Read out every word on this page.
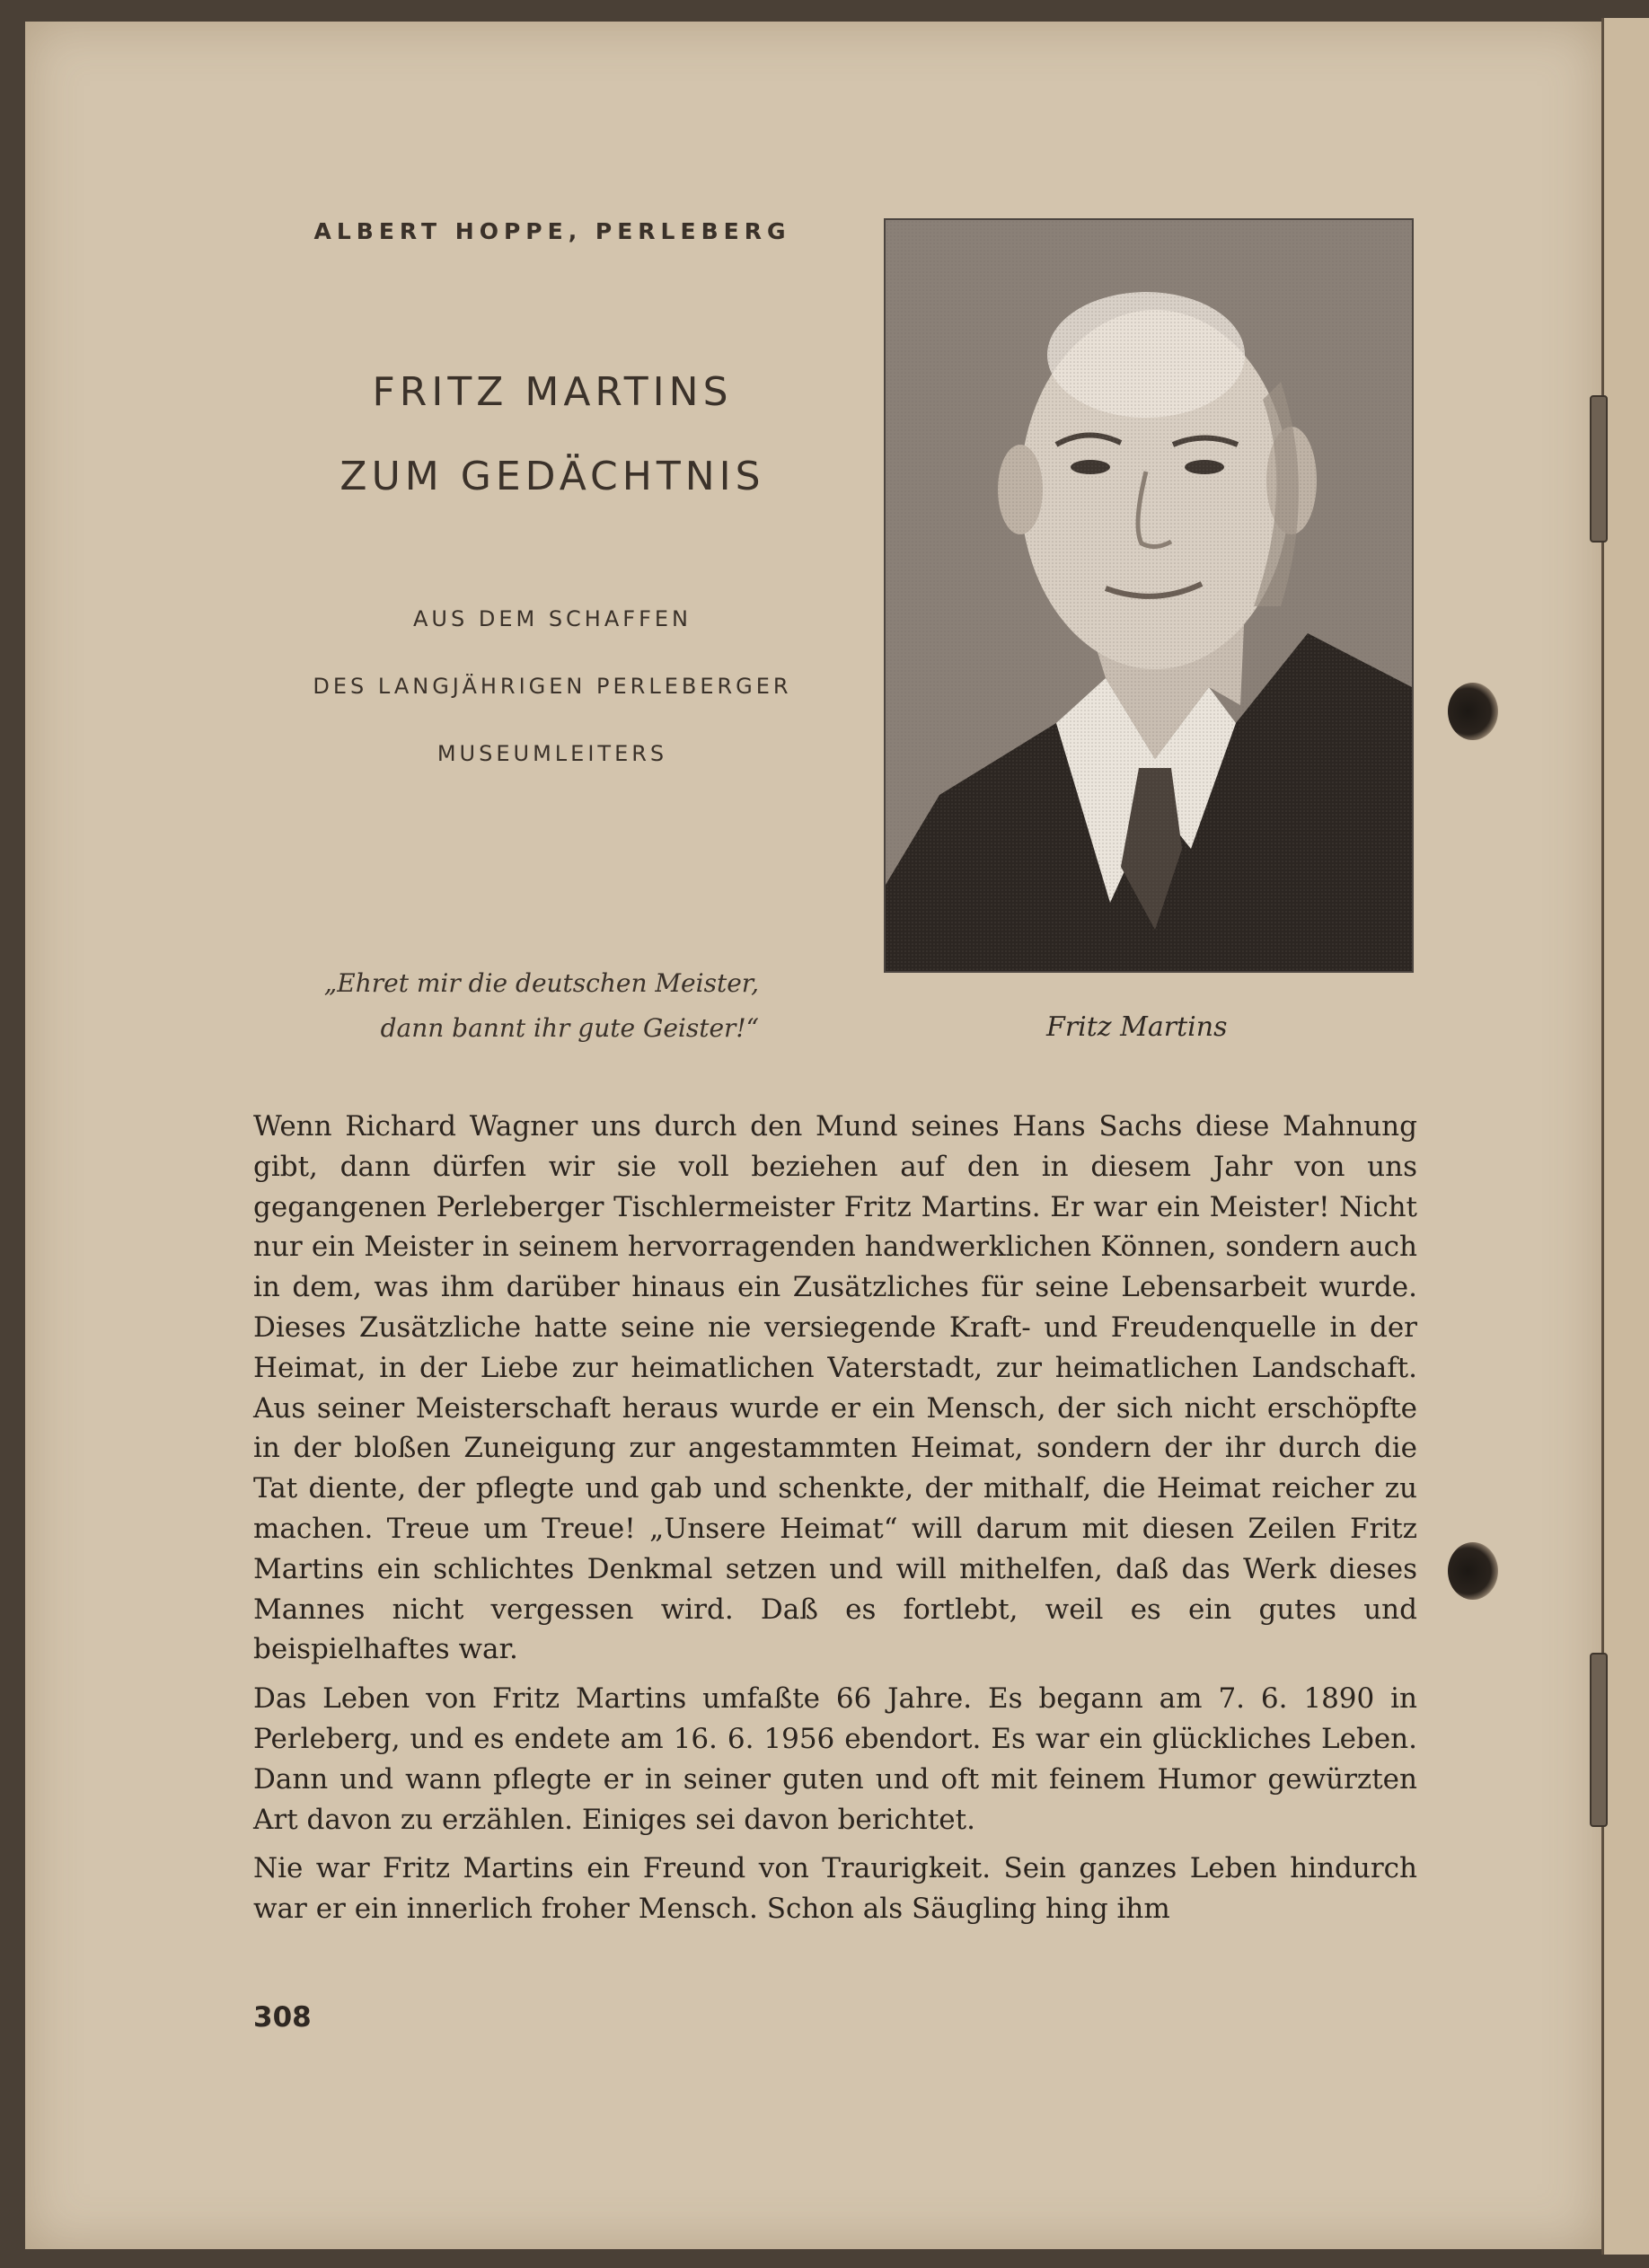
ALBERT HOPPE, PERLEBERG
FRITZ MARTINS
ZUM GEDÄCHTNIS
AUS DEM SCHAFFEN
DES LANGJÄHRIGEN PERLEBERGER
MUSEUMLEITERS
„Ehret mir die deutschen Meister,
dann bannt ihr gute Geister!“	Fritz Martins

Wenn Richard Wagner uns durch den Mund seines Hans Sachs diese Mahnung gibt, dann dürfen wir sie voll beziehen auf den in diesem Jahr von uns gegangenen Perleberger Tischlermeister Fritz Martins. Er war ein Meister! Nicht nur ein Meister in seinem hervorragenden handwerklichen Können, sondern auch in dem, was ihm darüber hinaus ein Zusätzliches für seine Lebensarbeit wurde. Dieses Zusätzliche hatte seine nie versiegende Kraft- und Freudenquelle in der Heimat, in der Liebe zur heimatlichen Vaterstadt, zur heimatlichen Landschaft. Aus seiner Meisterschaft heraus wurde er ein Mensch, der sich nicht erschöpfte in der bloßen Zuneigung zur angestammten Heimat, sondern der ihr durch die Tat diente, der pflegte und gab und schenkte, der mithalf, die Heimat reicher zu machen. Treue um Treue! „Unsere Heimat“ will darum mit diesen Zeilen Fritz Martins ein schlichtes Denkmal setzen und will mithelfen, daß das Werk dieses Mannes nicht vergessen wird. Daß es fortlebt, weil es ein gutes und beispielhaftes war.

Das Leben von Fritz Martins umfaßte 66 Jahre. Es begann am 7. 6. 1890 in Perleberg, und es endete am 16. 6. 1956 ebendort. Es war ein glückliches Leben. Dann und wann pflegte er in seiner guten und oft mit feinem Humor gewürzten Art davon zu erzählen. Einiges sei davon berichtet.

Nie war Fritz Martins ein Freund von Traurigkeit. Sein ganzes Leben hindurch war er ein innerlich froher Mensch. Schon als Säugling hing ihm

308
